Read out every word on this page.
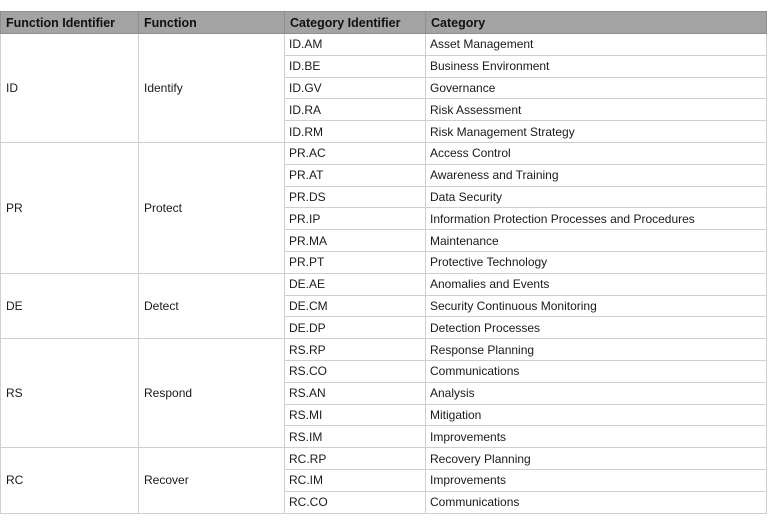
Function Identifier	Function	Category Identifier	Category
ID	Identify	ID.AM	Asset Management
		ID.BE	Business Environment
		ID.GV	Governance
		ID.RA	Risk Assessment
		ID.RM	Risk Management Strategy
PR	Protect	PR.AC	Access Control
		PR.AT	Awareness and Training
		PR.DS	Data Security
		PR.IP	Information Protection Processes and Procedures
		PR.MA	Maintenance
		PR.PT	Protective Technology
DE	Detect	DE.AE	Anomalies and Events
		DE.CM	Security Continuous Monitoring
		DE.DP	Detection Processes
RS	Respond	RS.RP	Response Planning
		RS.CO	Communications
		RS.AN	Analysis
		RS.MI	Mitigation
		RS.IM	Improvements
RC	Recover	RC.RP	Recovery Planning
		RC.IM	Improvements
		RC.CO	Communications
